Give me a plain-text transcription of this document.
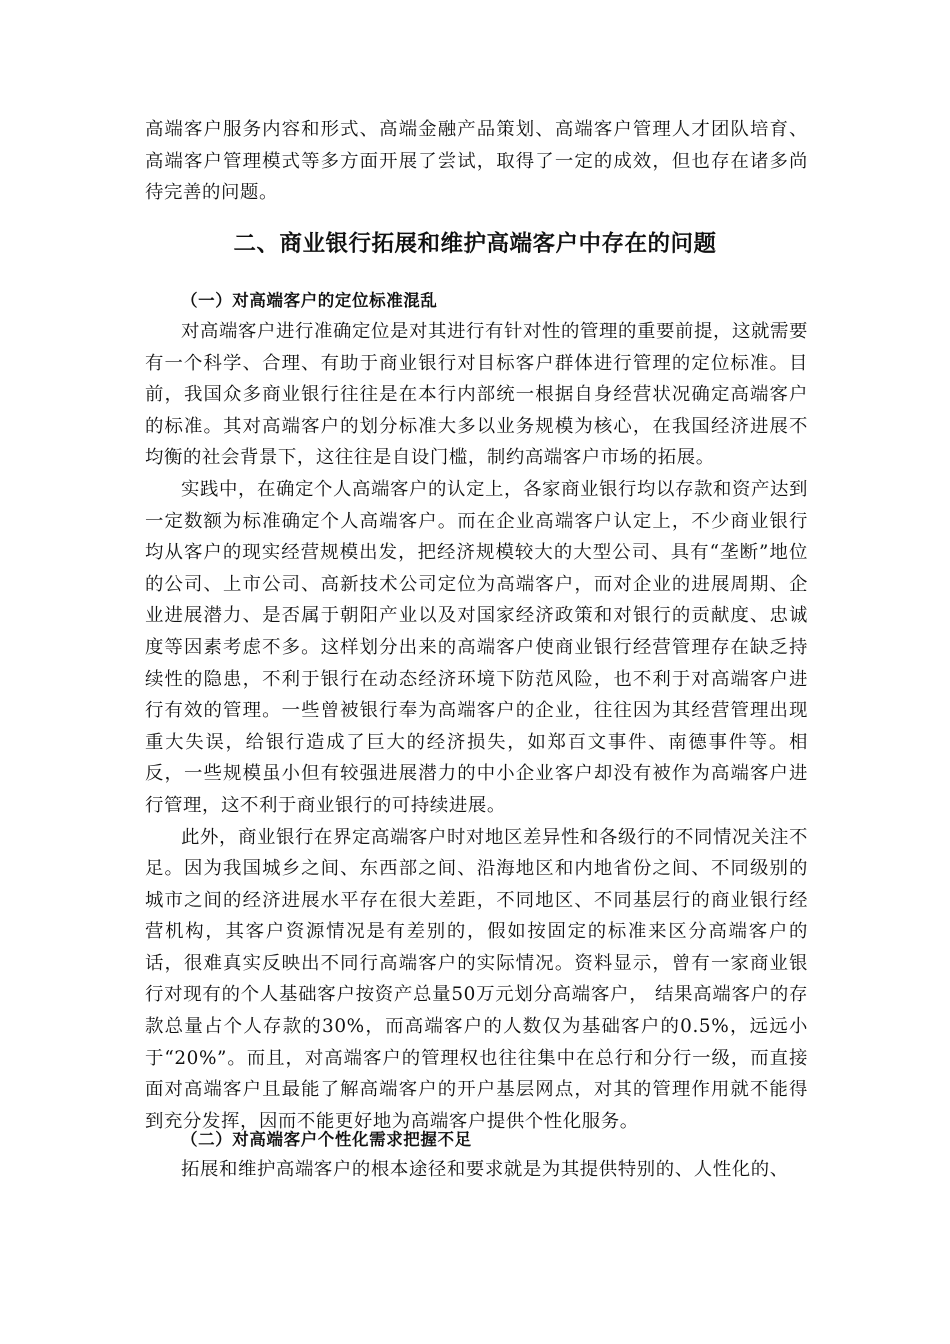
高端客户服务内容和形式、高端金融产品策划、高端客户管理人才团队培育、高端客户管理模式等多方面开展了尝试，取得了一定的成效，但也存在诸多尚待完善的问题。

二、商业银行拓展和维护高端客户中存在的问题
（一）对高端客户的定位标准混乱

对高端客户进行准确定位是对其进行有针对性的管理的重要前提，这就需要有一个科学、合理、有助于商业银行对目标客户群体进行管理的定位标准。目前，我国众多商业银行往往是在本行内部统一根据自身经营状况确定高端客户的标准。其对高端客户的划分标准大多以业务规模为核心，在我国经济进展不均衡的社会背景下，这往往是自设门槛，制约高端客户市场的拓展。

实践中，在确定个人高端客户的认定上，各家商业银行均以存款和资产达到一定数额为标准确定个人高端客户。而在企业高端客户认定上，不少商业银行均从客户的现实经营规模出发，把经济规模较大的大型公司、具有“垄断”地位的公司、上市公司、高新技术公司定位为高端客户，而对企业的进展周期、企业进展潜力、是否属于朝阳产业以及对国家经济政策和对银行的贡献度、忠诚度等因素考虑不多。这样划分出来的高端客户使商业银行经营管理存在缺乏持续性的隐患，不利于银行在动态经济环境下防范风险，也不利于对高端客户进行有效的管理。一些曾被银行奉为高端客户的企业，往往因为其经营管理出现重大失误，给银行造成了巨大的经济损失，如郑百文事件、南德事件等。相反，一些规模虽小但有较强进展潜力的中小企业客户却没有被作为高端客户进行管理，这不利于商业银行的可持续进展。

此外，商业银行在界定高端客户时对地区差异性和各级行的不同情况关注不足。因为我国城乡之间、东西部之间、沿海地区和内地省份之间、不同级别的城市之间的经济进展水平存在很大差距，不同地区、不同基层行的商业银行经营机构，其客户资源情况是有差别的，假如按固定的标准来区分高端客户的话，很难真实反映出不同行高端客户的实际情况。资料显示，曾有一家商业银行对现有的个人基础客户按资产总量50万元划分高端客户， 结果高端客户的存款总量占个人存款的30%，而高端客户的人数仅为基础客户的0.5%，远远小于“20%”。而且，对高端客户的管理权也往往集中在总行和分行一级，而直接面对高端客户且最能了解高端客户的开户基层网点，对其的管理作用就不能得到充分发挥，因而不能更好地为高端客户提供个性化服务。

（二）对高端客户个性化需求把握不足

拓展和维护高端客户的根本途径和要求就是为其提供特别的、人性化的、
